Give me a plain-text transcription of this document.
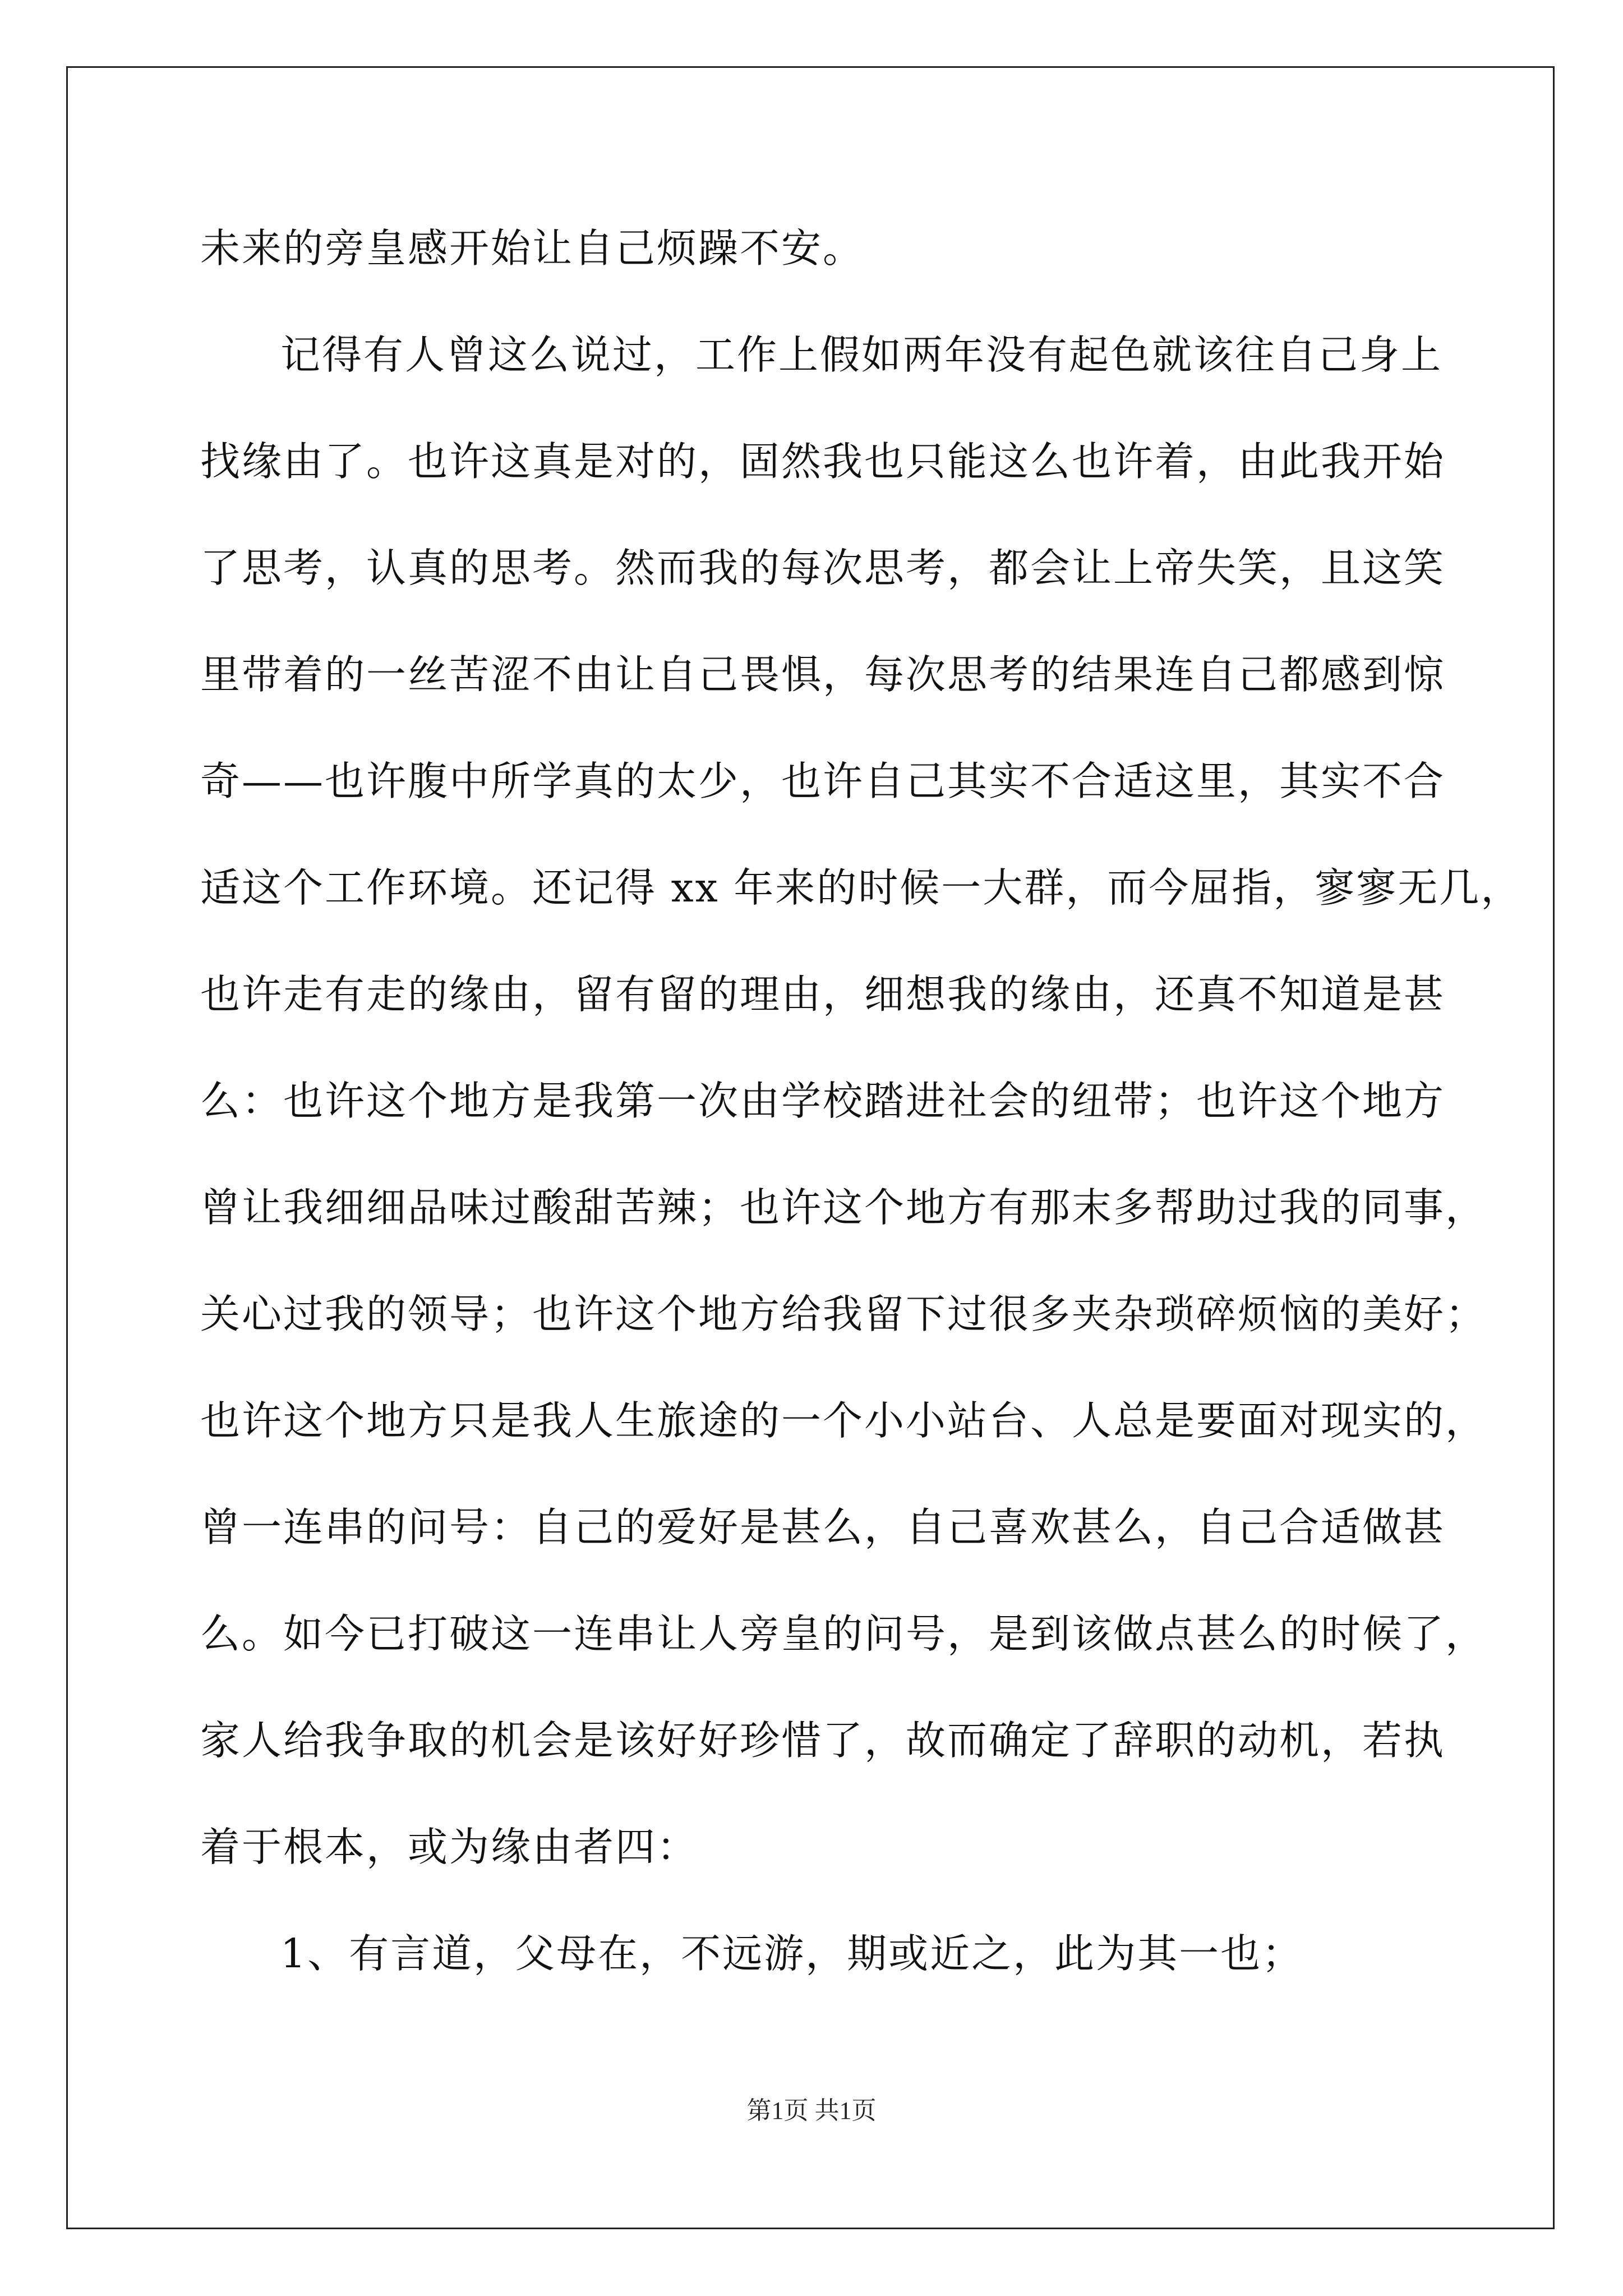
未来的旁皇感开始让自己烦躁不安。
记得有人曾这么说过，工作上假如两年没有起色就该往自己身上
找缘由了。也许这真是对的，固然我也只能这么也许着，由此我开始
了思考，认真的思考。然而我的每次思考，都会让上帝失笑，且这笑
里带着的一丝苦涩不由让自己畏惧，每次思考的结果连自己都感到惊
奇——也许腹中所学真的太少，也许自己其实不合适这里，其实不合
适这个工作环境。还记得 xx 年来的时候一大群，而今屈指，寥寥无几，
也许走有走的缘由，留有留的理由，细想我的缘由，还真不知道是甚
么：也许这个地方是我第一次由学校踏进社会的纽带；也许这个地方
曾让我细细品味过酸甜苦辣；也许这个地方有那末多帮助过我的同事，
关心过我的领导；也许这个地方给我留下过很多夹杂琐碎烦恼的美好；
也许这个地方只是我人生旅途的一个小小站台、人总是要面对现实的，
曾一连串的问号：自己的爱好是甚么，自己喜欢甚么，自己合适做甚
么。如今已打破这一连串让人旁皇的问号，是到该做点甚么的时候了，
家人给我争取的机会是该好好珍惜了，故而确定了辞职的动机，若执
着于根本，或为缘由者四：
1、有言道，父母在，不远游，期或近之，此为其一也；
第1页 共1页
